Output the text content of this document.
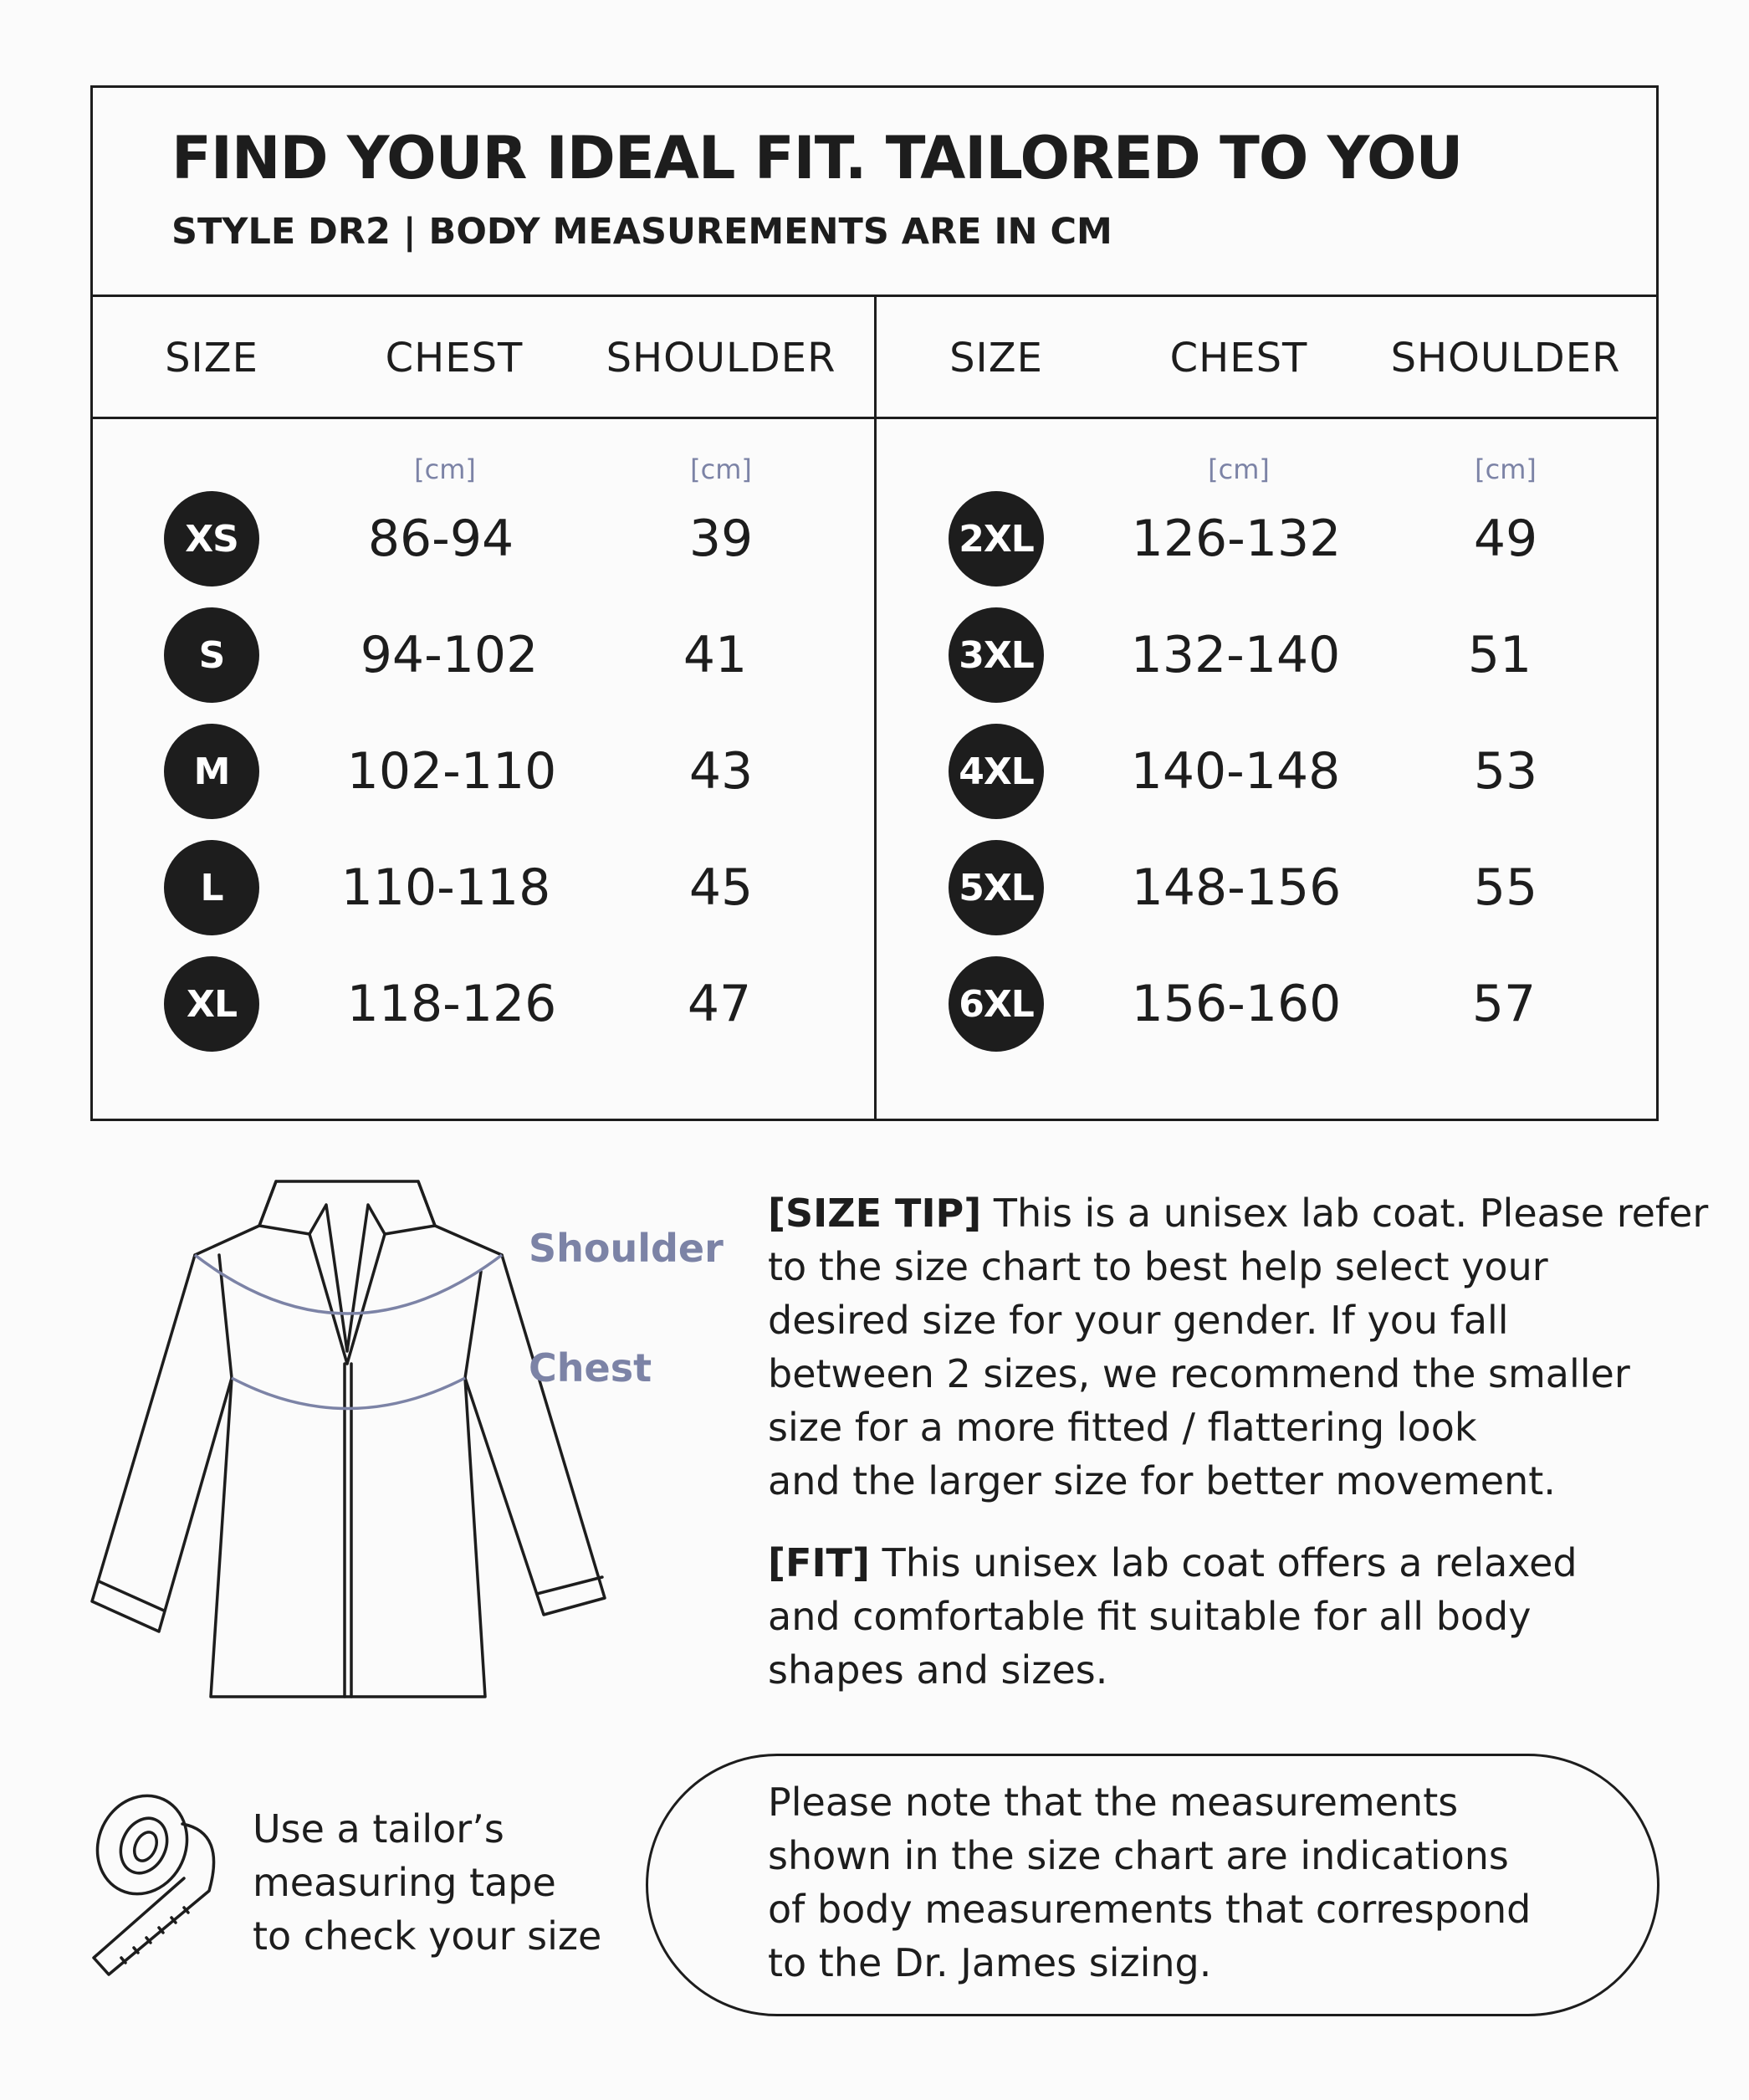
FIND YOUR IDEAL FIT. TAILORED TO YOU
STYLE DR2 | BODY MEASUREMENTS ARE IN CM
SIZE	CHEST SHOULDER	SIZE	CHEST SHOULDER
[cm]	[cm]	[cm]	[cm]
XS	86-94	39
S	94-102	41
M	102-110	43
L	110-118	45
XL	118-126	47
2XL 126-132	49
3XL 132-140	51
4XL 140-148	53
5XL 148-156	55
6XL 156-160	57
Shoulder
Chest
[SIZE TIP] This is a unisex lab coat. Please refer
to the size chart to best help select your
desired size for your gender. If you fall
between 2 sizes, we recommend the smaller
size for a more fitted / flattering look
and the larger size for better movement.
[FIT] This unisex lab coat offers a relaxed
and comfortable fit suitable for all body
shapes and sizes.
Use a tailor’s
measuring tape
to check your size
Please note that the measurements
shown in the size chart are indications
of body measurements that correspond
to the Dr. James sizing.
